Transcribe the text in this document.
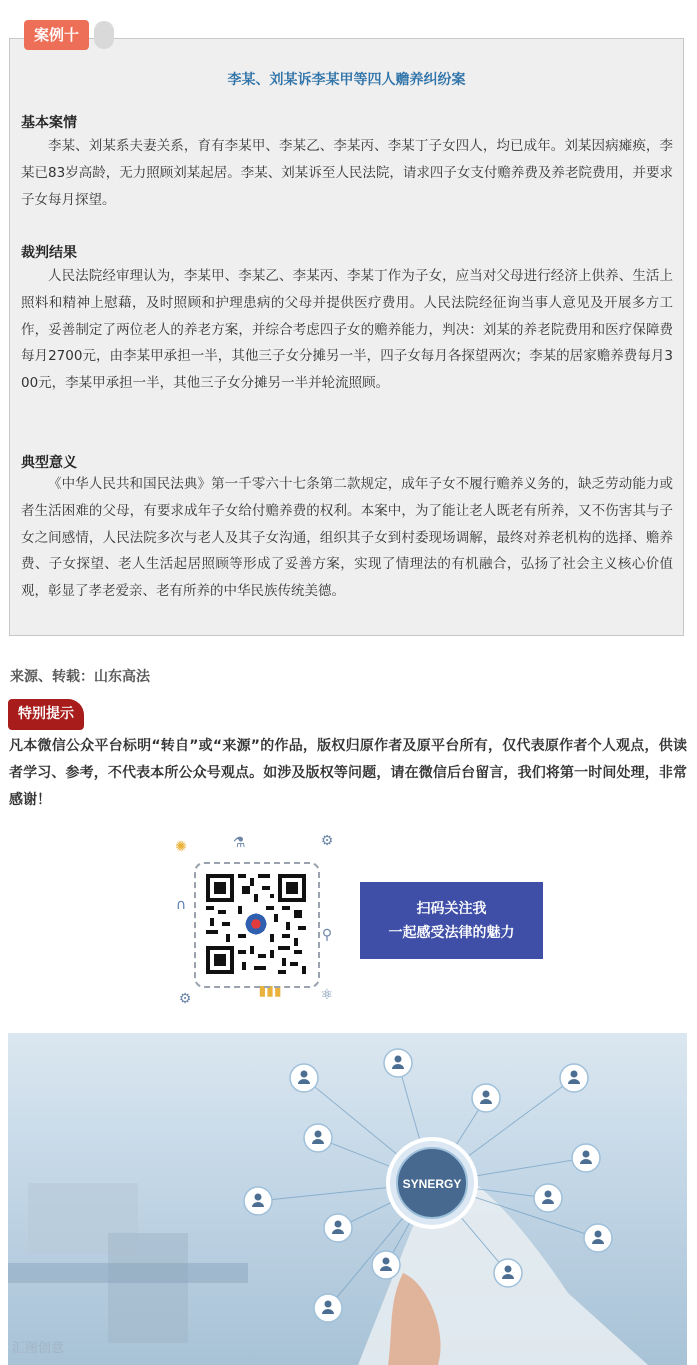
案例十
李某、刘某诉李某甲等四人赡养纠纷案
基本案情
李某、刘某系夫妻关系，育有李某甲、李某乙、李某丙、李某丁子女四人，均已成年。刘某因病瘫痪，李某已83岁高龄，无力照顾刘某起居。李某、刘某诉至人民法院，请求四子女支付赡养费及养老院费用，并要求子女每月探望。
裁判结果
人民法院经审理认为，李某甲、李某乙、李某丙、李某丁作为子女，应当对父母进行经济上供养、生活上照料和精神上慰藉，及时照顾和护理患病的父母并提供医疗费用。人民法院经征询当事人意见及开展多方工作，妥善制定了两位老人的养老方案，并综合考虑四子女的赡养能力，判决：刘某的养老院费用和医疗保障费每月2700元，由李某甲承担一半，其他三子女分摊另一半，四子女每月各探望两次；李某的居家赡养费每月300元，李某甲承担一半，其他三子女分摊另一半并轮流照顾。
典型意义
《中华人民共和国民法典》第一千零六十七条第二款规定，成年子女不履行赡养义务的，缺乏劳动能力或者生活困难的父母，有要求成年子女给付赡养费的权利。本案中，为了能让老人既老有所养，又不伤害其与子女之间感情，人民法院多次与老人及其子女沟通，组织其子女到村委现场调解，最终对养老机构的选择、赡养费、子女探望、老人生活起居照顾等形成了妥善方案，实现了情理法的有机融合，弘扬了社会主义核心价值观，彰显了孝老爱亲、老有所养的中华民族传统美德。
来源、转载：山东高法
特别提示
凡本微信公众平台标明“转自”或“来源”的作品，版权归原作者及原平台所有，仅代表原作者个人观点，供读者学习、参考，不代表本所公众号观点。如涉及版权等问题，请在微信后台留言，我们将第一时间处理，非常感谢！
✺	⚗	⚙
∩
⚲
⚙	▮▮▮	⚛
扫码关注我
一起感受法律的魅力
SYNERGY
汇图创意
